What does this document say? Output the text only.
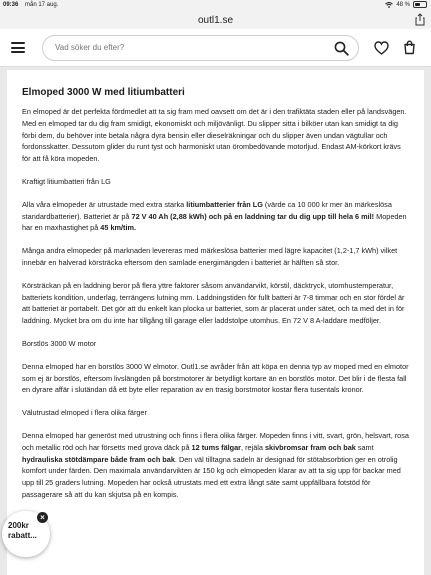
09:36 mån 17 aug.	48 %
outl1.se
Vad söker du efter?
Elmoped 3000 W med litiumbatteri

En elmoped är det perfekta fördmedlet att ta sig fram med oavsett om det är i den trafiktäta staden eller på landsvägen. Med en elmoped tar du dig fram smidigt, ekonomiskt och miljövänligt. Du slipper sitta i bilköer utan kan smidigt ta dig förbi dem, du behöver inte betala några dyra bensin eller dieselräkningar och du slipper även undan vägtullar och fordonsskatter. Dessutom glider du runt tyst och harmoniskt utan örombedövande motorljud. Endast AM-körkort krävs för att få köra mopeden.

Kraftigt litiumbatteri från LG

Alla våra elmopeder är utrustade med extra starka litiumbatterier från LG (värde ca 10 000 kr mer än märkeslösa standardbatterier). Batteriet är på 72 V 40 Ah (2,88 kWh) och på en laddning tar du dig upp till hela 6 mil! Mopeden har en maxhastighet på 45 km/tim.

Många andra elmopeder på marknaden levereras med märkeslösa batterier med lägre kapacitet (1,2-1,7 kWh) vilket innebär en halverad körsträcka eftersom den samlade energimängden i batteriet är hälften så stor.

Körsträckan på en laddning beror på flera yttre faktorer såsom användarvikt, körstil, däcktryck, utomhustemperatur, batteriets kondition, underlag, terrängens lutning mm. Laddningstiden för fullt batteri är 7-8 timmar och en stor fördel är att batteriet är portabelt. Det gör att du enkelt kan plocka ur batteriet, som är placerat under sätet, och ta med det in för laddning. Mycket bra om du inte har tillgång till garage eller laddstolpe utomhus. En 72 V 8 A-laddare medföljer.

Borstlös 3000 W motor

Denna elmoped har en borstlös 3000 W elmotor. Outl1.se avråder från att köpa en denna typ av moped med en elmotor som ej är borstlös, eftersom livslängden på borstmotorer är betydligt kortare än en borstlös motor. Det blir i de flesta fall en dyrare affär i slutändan då ett byte eller reparation av en trasig borstmotor kostar flera tusentals kronor.

Välutrustad elmoped i flera olika färger

Denna elmoped har generöst med utrustning och finns i flera olika färger. Mopeden finns i vitt, svart, grön, helsvart, rosa och metallic röd och har försetts med grova däck på 12 tums fälgar, rejäla skivbromsar fram och bak samt hydrauliska stötdämpare både fram och bak. Den väl tilltagna sadeln är designad för stötabsorbtion ger en otrolig komfort under färden. Den maximala användarvikten är 150 kg och elmopeden klarar av att ta sig upp för backar med upp till 25 graders lutning. Mopeden har också utrustats med ett extra långt säte samt uppfällbara fotstöd för passagerare så att du kan skjutsa på en kompis.

200kr
rabatt...
×
